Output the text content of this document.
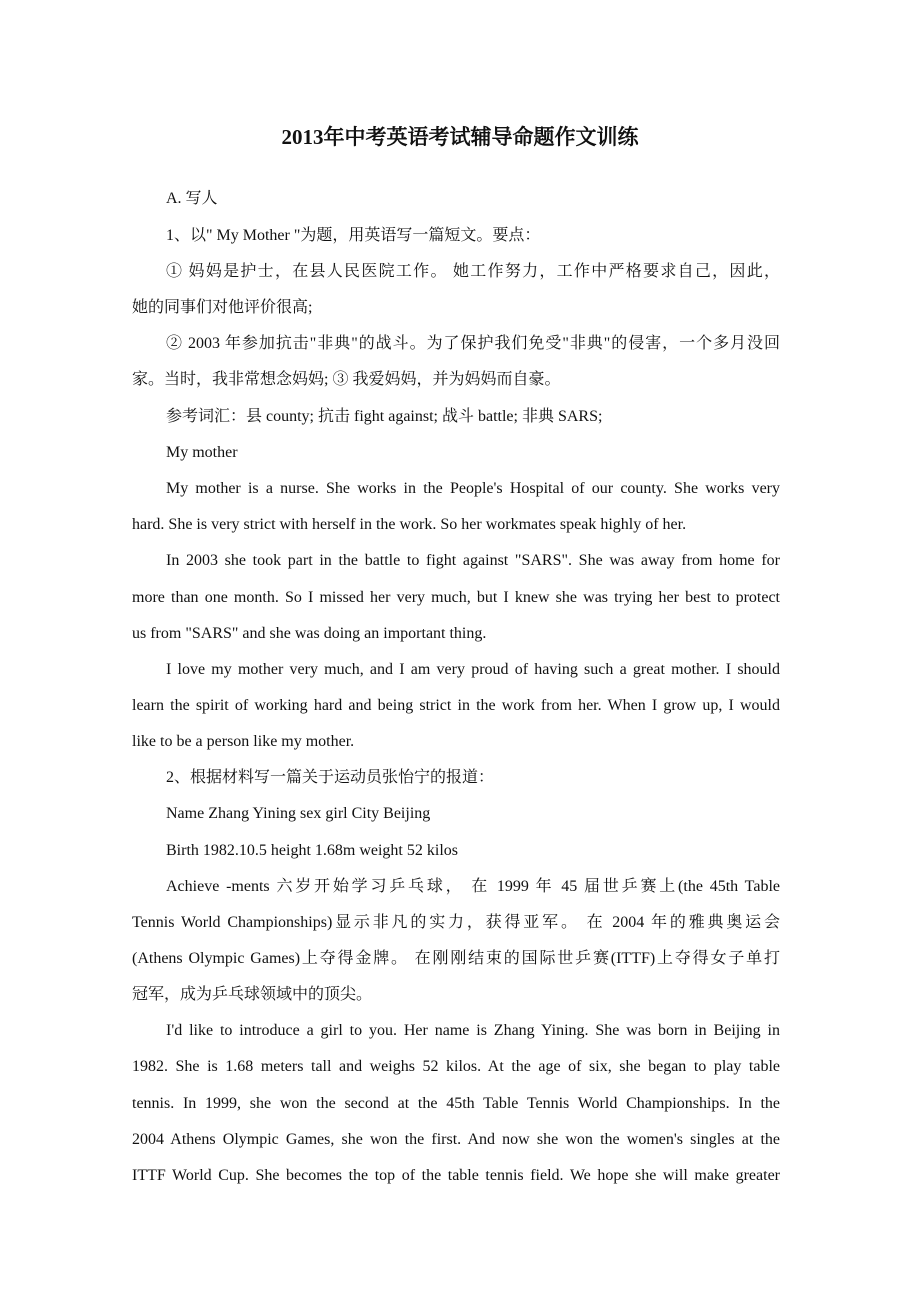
2013年中考英语考试辅导命题作文训练
A. 写人
1、以" My Mother "为题，用英语写一篇短文。要点：
① 妈妈是护士，在县人民医院工作。 她工作努力，工作中严格要求自己，因此，
她的同事们对他评价很高;
② 2003 年参加抗击"非典"的战斗。为了保护我们免受"非典"的侵害，一个多月没回
家。当时，我非常想念妈妈; ③ 我爱妈妈，并为妈妈而自豪。
参考词汇：县 county; 抗击 fight against; 战斗 battle; 非典 SARS;
My mother
My mother is a nurse. She works in the People's Hospital of our county. She works very
hard. She is very strict with herself in the work. So her workmates speak highly of her.
In 2003 she took part in the battle to fight against "SARS". She was away from home for
more than one month. So I missed her very much, but I knew she was trying her best to protect
us from "SARS" and she was doing an important thing.
I love my mother very much, and I am very proud of having such a great mother. I should
learn the spirit of working hard and being strict in the work from her. When I grow up, I would
like to be a person like my mother.
2、根据材料写一篇关于运动员张怡宁的报道：
Name Zhang Yining sex girl City Beijing
Birth 1982.10.5 height 1.68m weight 52 kilos
Achieve -ments 六岁开始学习乒乓球， 在 1999 年 45 届世乒赛上(the 45th Table
Tennis World Championships)显示非凡的实力，获得亚军。 在 2004 年的雅典奥运会
(Athens Olympic Games)上夺得金牌。 在刚刚结束的国际世乒赛(ITTF)上夺得女子单打
冠军，成为乒乓球领域中的顶尖。
I'd like to introduce a girl to you. Her name is Zhang Yining. She was born in Beijing in
1982. She is 1.68 meters tall and weighs 52 kilos. At the age of six, she began to play table
tennis. In 1999, she won the second at the 45th Table Tennis World Championships. In the
2004 Athens Olympic Games, she won the first. And now she won the women's singles at the
ITTF World Cup. She becomes the top of the table tennis field. We hope she will make greater
